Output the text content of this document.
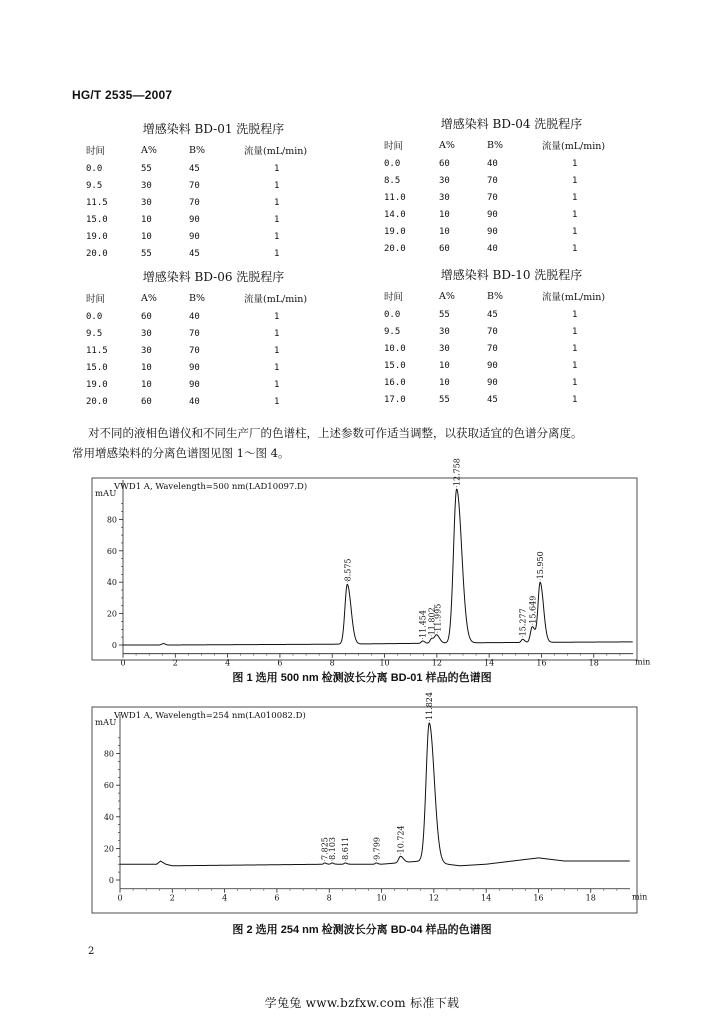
HG/T 2535—2007
增感染料 BD-01 洗脱程序
时间	A%	B%	流量(mL/min)
0.0	55	45	1
9.5	30	70	1
11.5	30	70	1
15.0	10	90	1
19.0	10	90	1
20.0	55	45	1
增感染料 BD-04 洗脱程序
时间	A%	B%	流量(mL/min)
0.0	60	40	1
8.5	30	70	1
11.0	30	70	1
14.0	10	90	1
19.0	10	90	1
20.0	60	40	1
增感染料 BD-06 洗脱程序
时间	A%	B%	流量(mL/min)
0.0	60	40	1
9.5	30	70	1
11.5	30	70	1
15.0	10	90	1
19.0	10	90	1
20.0	60	40	1
增感染料 BD-10 洗脱程序
时间	A%	B%	流量(mL/min)
0.0	55	45	1
9.5	30	70	1
10.0	30	70	1
15.0	10	90	1
16.0	10	90	1
17.0	55	45	1

对不同的液相色谱仪和不同生产厂的色谱柱，上述参数可作适当调整，以获取适宜的色谱分离度。

常用增感染料的分离色谱图见图 1～图 4。

VWD1 A, Wavelength=500 nm(LAD10097.D)
mAU
0
20
40
60
80
0	2	4	6	8	10	12	14	16	18	min
8.575
11.454 11.802
11.995
12.758
15.277 15.649
15.950
VWD1 A, Wavelength=254 nm(LA010082.D)
mAU
0
20
40
60
80
0	2	4	6	8	10	12	14	16	18	min
7.825
8.103 8.611	9.799 10.724
11.824
图 1 选用 500 nm 检测波长分离 BD-01 样品的色谱图
图 2 选用 254 nm 检测波长分离 BD-04 样品的色谱图
2
学兔兔 www.bzfxw.com 标准下载
